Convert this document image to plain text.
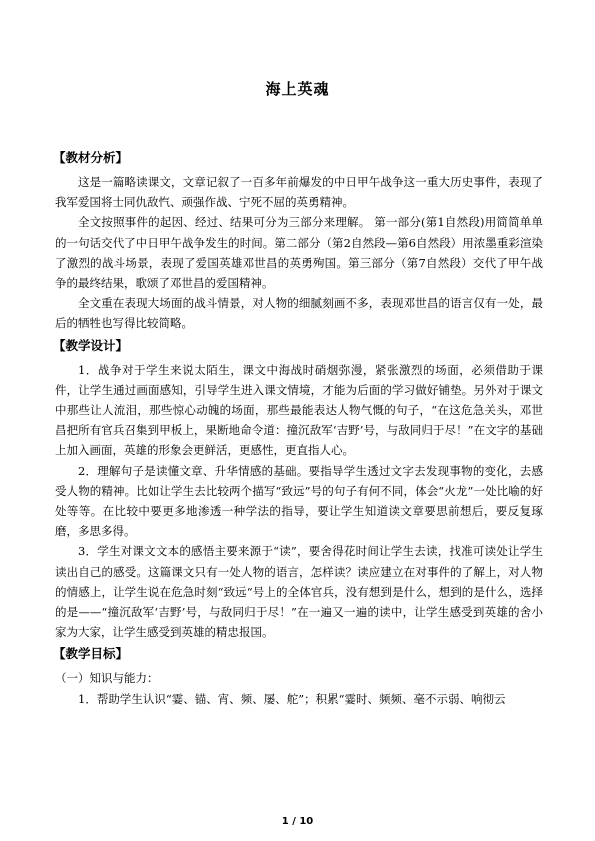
海上英魂
【教材分析】

这是一篇略读课文，文章记叙了一百多年前爆发的中日甲午战争这一重大历史事件，表现了我军爱国将士同仇敌忾、顽强作战、宁死不屈的英勇精神。

全文按照事件的起因、经过、结果可分为三部分来理解。 第一部分(第1自然段)用简简单单的一句话交代了中日甲午战争发生的时间。第二部分（第2自然段—第6自然段）用浓墨重彩渲染了激烈的战斗场景，表现了爱国英雄邓世昌的英勇殉国。第三部分（第7自然段）交代了甲午战争的最终结果，歌颂了邓世昌的爱国精神。

全文重在表现大场面的战斗情景，对人物的细腻刻画不多，表现邓世昌的语言仅有一处，最后的牺牲也写得比较简略。

【教学设计】

1．战争对于学生来说太陌生，课文中海战时硝烟弥漫，紧张激烈的场面，必须借助于课件，让学生通过画面感知，引导学生进入课文情境，才能为后面的学习做好铺垫。另外对于课文中那些让人流泪，那些惊心动魄的场面，那些最能表达人物气慨的句子，“在这危急关头，邓世昌把所有官兵召集到甲板上，果断地命令道：撞沉敌军‘吉野’号，与敌同归于尽！”在文字的基础上加入画面，英雄的形象会更鲜活，更感性，更直指人心。

2．理解句子是读懂文章、升华情感的基础。要指导学生透过文字去发现事物的变化，去感受人物的精神。比如让学生去比较两个描写“致远”号的句子有何不同，体会“火龙”一处比喻的好处等等。在比较中要更多地渗透一种学法的指导，要让学生知道读文章要思前想后，要反复琢磨，多思多得。

3．学生对课文文本的感悟主要来源于“读”，要舍得花时间让学生去读，找准可读处让学生读出自己的感受。这篇课文只有一处人物的语言，怎样读？读应建立在对事件的了解上，对人物的情感上，让学生说在危急时刻“致远“号上的全体官兵，没有想到是什么，想到的是什么，选择的是——“撞沉敌军‘吉野’号，与敌同归于尽！”在一遍又一遍的读中，让学生感受到英雄的舍小家为大家，让学生感受到英雄的精忠报国。

【教学目标】

（一）知识与能力：

1．帮助学生认识“霎、锚、宵、频、屡、舵”；积累“霎时、频频、毫不示弱、响彻云

1 / 10
